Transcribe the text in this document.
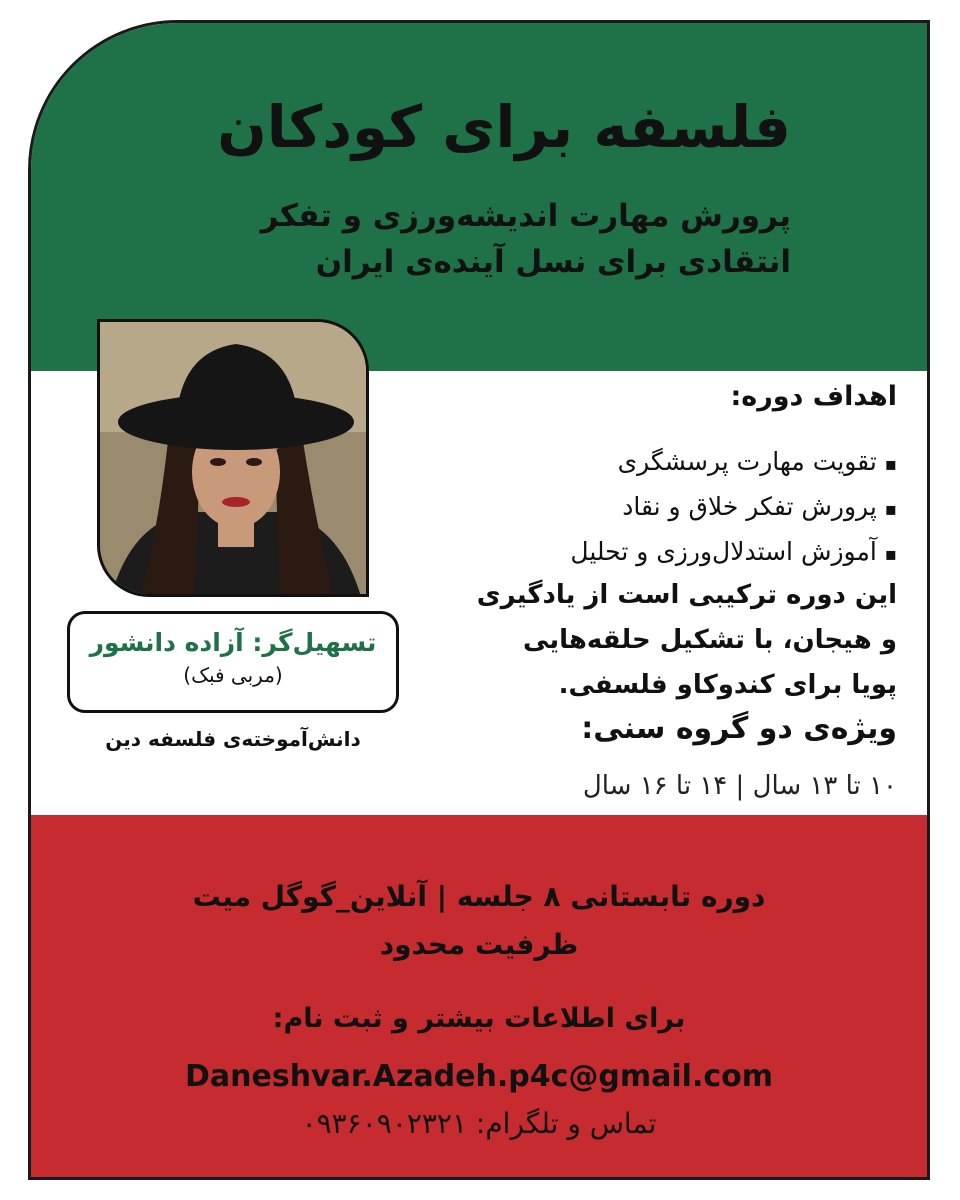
فلسفه برای کودکان
پرورش مهارت اندیشه‌ورزی و تفکر
انتقادی برای نسل آینده‌ی ایران
اهداف دوره:
▪ تقویت مهارت پرسشگری
▪ پرورش تفکر خلاق و نقاد
▪ آموزش استدلال‌ورزی و تحلیل
این دوره ترکیبی است از یادگیری
و هیجان، با تشکیل حلقه‌هایی
پویا برای کندوکاو فلسفی.
ویژه‌ی دو گروه سنی:
۱۰ تا ۱۳ سال | ۱۴ تا ۱۶ سال
تسهیل‌گر: آزاده دانشور
(مربی فبک)
دانش‌آموخته‌ی فلسفه دین
دوره تابستانی ۸ جلسه | آنلاین_گوگل میت
ظرفیت محدود
برای اطلاعات بیشتر و ثبت نام:
Daneshvar.Azadeh.p4c@gmail.com
تماس و تلگرام: ۰۹۳۶۰۹۰۲۳۲۱
